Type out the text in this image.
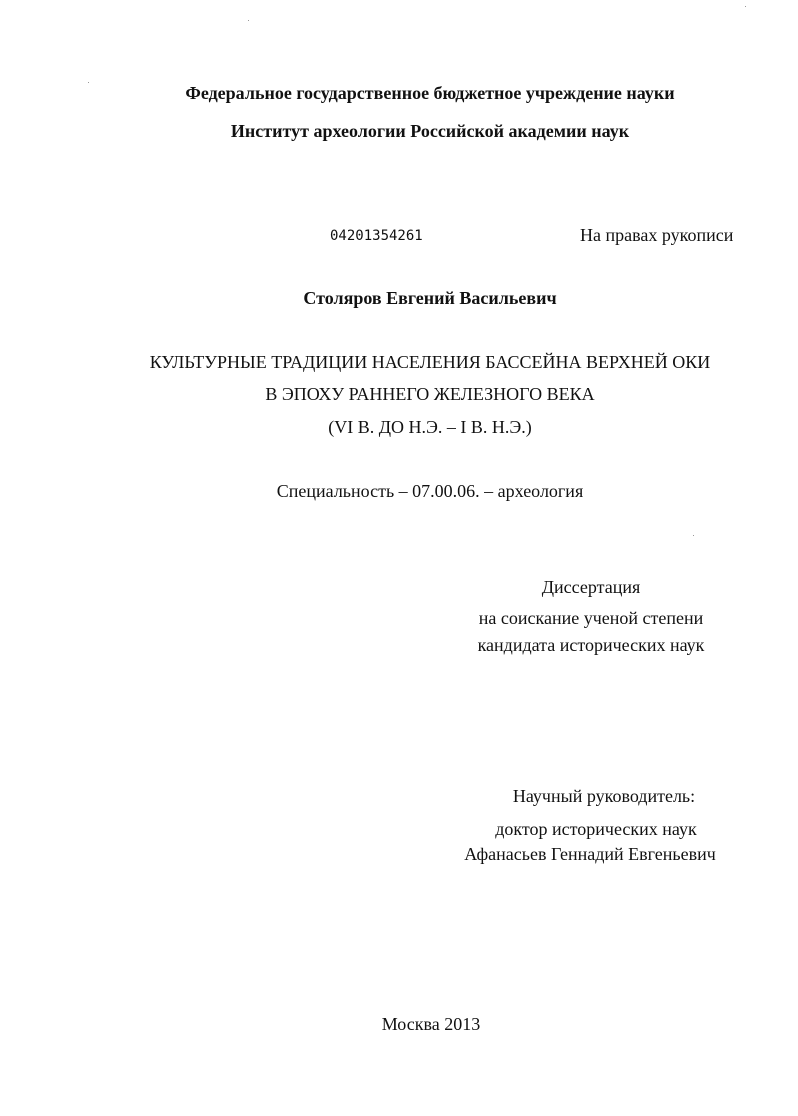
Федеральное государственное бюджетное учреждение науки
Институт археологии Российской академии наук
04201354261	На правах рукописи
Столяров Евгений Васильевич
КУЛЬТУРНЫЕ ТРАДИЦИИ НАСЕЛЕНИЯ БАССЕЙНА ВЕРХНЕЙ ОКИ
В ЭПОХУ РАННЕГО ЖЕЛЕЗНОГО ВЕКА
(VI В. ДО Н.Э. – I В. Н.Э.)
Специальность – 07.00.06. – археология
Диссертация
на соискание ученой степени
кандидата исторических наук
Научный руководитель:
доктор исторических наук
Афанасьев Геннадий Евгеньевич
Москва 2013
